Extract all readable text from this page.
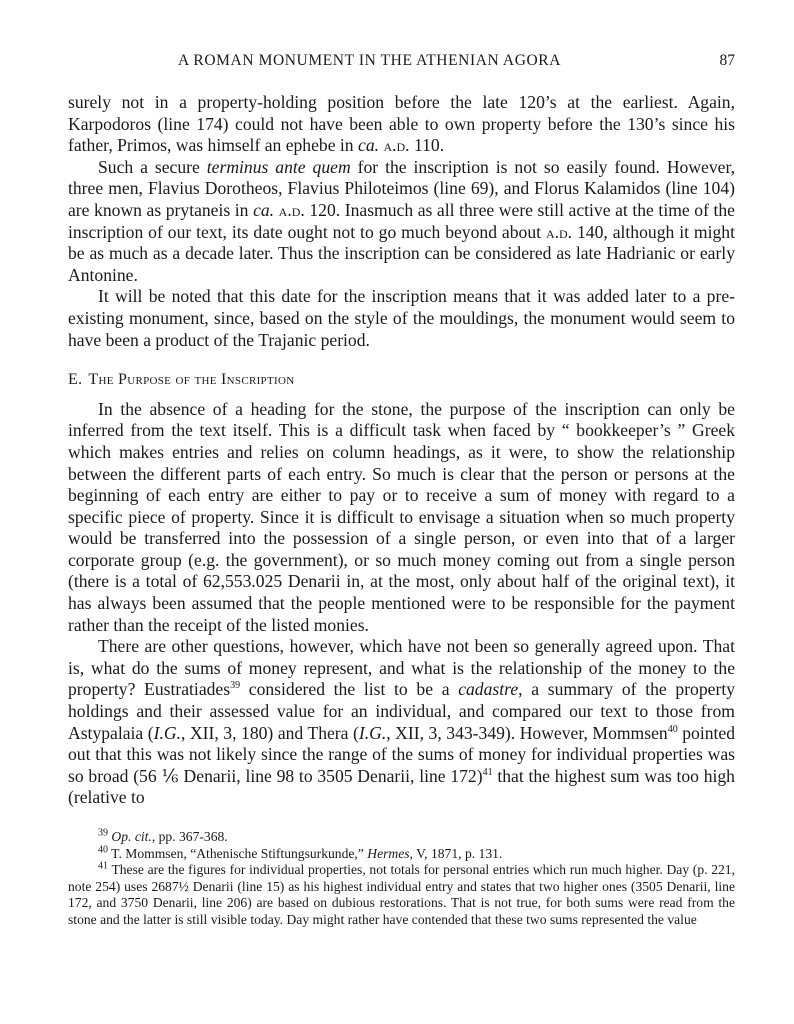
A ROMAN MONUMENT IN THE ATHENIAN AGORA	87

surely not in a property-holding position before the late 120’s at the earliest. Again, Karpodoros (line 174) could not have been able to own property before the 130’s since his father, Primos, was himself an ephebe in ca. a.d. 110.

Such a secure terminus ante quem for the inscription is not so easily found. However, three men, Flavius Dorotheos, Flavius Philoteimos (line 69), and Florus Kalamidos (line 104) are known as prytaneis in ca. a.d. 120. Inasmuch as all three were still active at the time of the inscription of our text, its date ought not to go much beyond about a.d. 140, although it might be as much as a decade later. Thus the inscription can be considered as late Hadrianic or early Antonine.

It will be noted that this date for the inscription means that it was added later to a pre-existing monument, since, based on the style of the mouldings, the monument would seem to have been a product of the Trajanic period.

E. The Purpose of the Inscription

In the absence of a heading for the stone, the purpose of the inscription can only be inferred from the text itself. This is a difficult task when faced by “ bookkeeper’s ” Greek which makes entries and relies on column headings, as it were, to show the relationship between the different parts of each entry. So much is clear that the person or persons at the beginning of each entry are either to pay or to receive a sum of money with regard to a specific piece of property. Since it is difficult to envisage a situation when so much property would be transferred into the possession of a single person, or even into that of a larger corporate group (e.g. the government), or so much money coming out from a single person (there is a total of 62,553.025 Denarii in, at the most, only about half of the original text), it has always been assumed that the people mentioned were to be responsible for the payment rather than the receipt of the listed monies.

There are other questions, however, which have not been so generally agreed upon. That is, what do the sums of money represent, and what is the relationship of the money to the property? Eustratiades$^{39}$ considered the list to be a cadastre, a summary of the property holdings and their assessed value for an individual, and compared our text to those from Astypalaia (I.G., XII, 3, 180) and Thera (I.G., XII, 3, 343-349). However, Mommsen$^{40}$ pointed out that this was not likely since the range of the sums of money for individual properties was so broad (56 ⅙ Denarii, line 98 to 3505 Denarii, line 172)$^{41}$ that the highest sum was too high (relative to

$^{39}$ Op. cit., pp. 367-368.

$^{40}$ T. Mommsen, “Athenische Stiftungsurkunde,” Hermes, V, 1871, p. 131.

$^{41}$ These are the figures for individual properties, not totals for personal entries which run much higher. Day (p. 221, note 254) uses 2687½ Denarii (line 15) as his highest individual entry and states that two higher ones (3505 Denarii, line 172, and 3750 Denarii, line 206) are based on dubious restorations. That is not true, for both sums were read from the stone and the latter is still visible today. Day might rather have contended that these two sums represented the value
